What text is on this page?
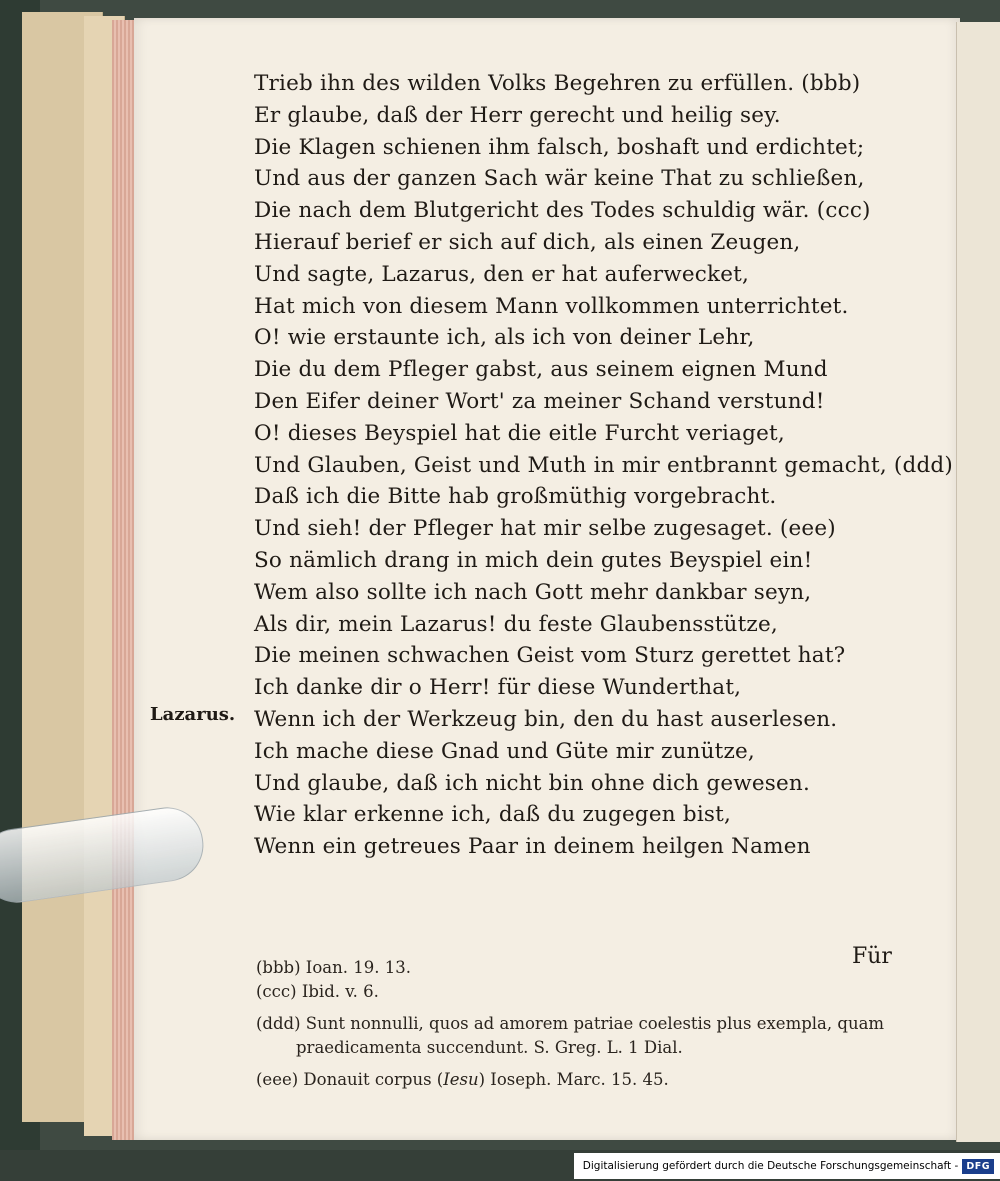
Trieb ihn des wilden Volks Begehren zu erfüllen. (bbb)
Er glaube, daß der Herr gerecht und heilig sey.
Die Klagen schienen ihm falsch, boshaft und erdichtet;
Und aus der ganzen Sach wär keine That zu schließen,
Die nach dem Blutgericht des Todes schuldig wär. (ccc)
Hierauf berief er sich auf dich, als einen Zeugen,
Und sagte, Lazarus, den er hat auferwecket,
Hat mich von diesem Mann vollkommen unterrichtet.
O! wie erstaunte ich, als ich von deiner Lehr,
Die du dem Pfleger gabst, aus seinem eignen Mund
Den Eifer deiner Wort' za meiner Schand verstund!
O! dieses Beyspiel hat die eitle Furcht veriaget,
Und Glauben, Geist und Muth in mir entbrannt gemacht, (ddd)
Daß ich die Bitte hab großmüthig vorgebracht.
Und sieh! der Pfleger hat mir selbe zugesaget. (eee)
So nämlich drang in mich dein gutes Beyspiel ein!
Wem also sollte ich nach Gott mehr dankbar seyn,
Als dir, mein Lazarus! du feste Glaubensstütze,
Die meinen schwachen Geist vom Sturz gerettet hat?
Ich danke dir o Herr! für diese Wunderthat,
Wenn ich der Werkzeug bin, den du hast auserlesen.
Ich mache diese Gnad und Güte mir zunütze,
Und glaube, daß ich nicht bin ohne dich gewesen.
Wie klar erkenne ich, daß du zugegen bist,
Wenn ein getreues Paar in deinem heilgen Namen
Lazarus.
Für
(bbb) Ioan. 19. 13.
(ccc) Ibid. v. 6.
(ddd) Sunt nonnulli, quos ad amorem patriae coelestis plus exempla, quam
praedicamenta succendunt. S. Greg. L. 1 Dial.
(eee) Donauit corpus (Iesu) Ioseph. Marc. 15. 45.
Digitalisierung gefördert durch die Deutsche Forschungsgemeinschaft - DFG
